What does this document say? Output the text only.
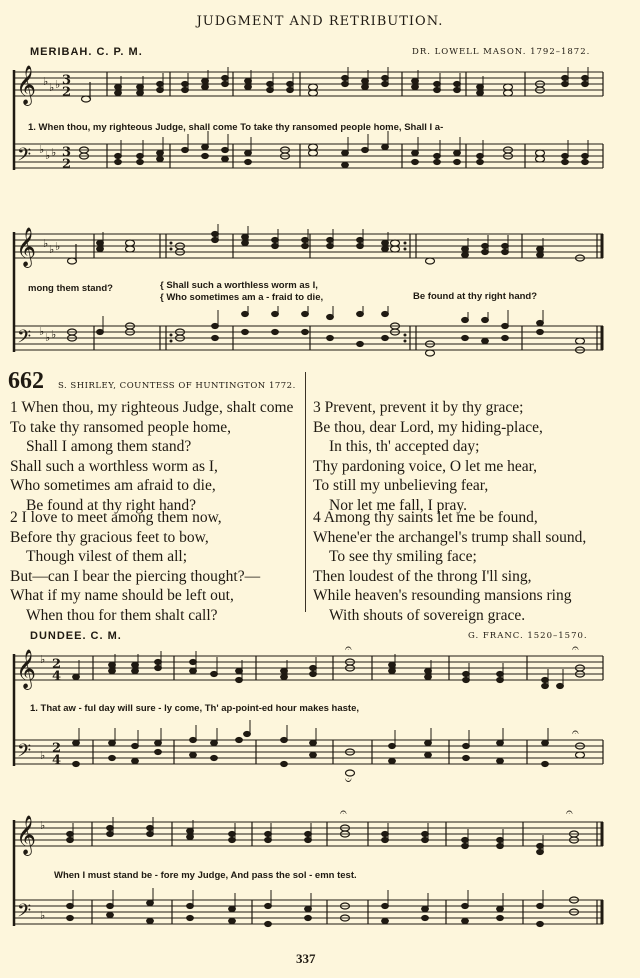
JUDGMENT AND RETRIBUTION.
MERIBAH. C. P. M.	DR. LOWELL MASON. 1792–1872.
𝄞
𝄢
♭ ♭ ♭
♭ ♭ ♭
3
2
3
2
1. When thou, my righteous Judge, shall come To take thy ransomed people home, Shall I a-
𝄞
𝄢
♭ ♭ ♭
♭ ♭ ♭
mong them stand?	{ Shall such a worthless worm as I,
{ Who sometimes am a - fraid to die,	Be found at thy right hand?
662 S. SHIRLEY, COUNTESS OF HUNTINGTON 1772.
1 When thou, my righteous Judge, shalt come
To take thy ransomed people home,
Shall I among them stand?
Shall such a worthless worm as I,
Who sometimes am afraid to die,
Be found at thy right hand?
2 I love to meet among them now,
Before thy gracious feet to bow,
Though vilest of them all;
But—can I bear the piercing thought?—
What if my name should be left out,
When thou for them shalt call?
3 Prevent, prevent it by thy grace;
Be thou, dear Lord, my hiding-place,
In this, th' accepted day;
Thy pardoning voice, O let me hear,
To still my unbelieving fear,
Nor let me fall, I pray.
4 Among thy saints let me be found,
Whene'er the archangel's trump shall sound,
To see thy smiling face;
Then loudest of the throng I'll sing,
While heaven's resounding mansions ring
With shouts of sovereign grace.
DUNDEE. C. M.	G. FRANC. 1520–1570.
𝄞
𝄢
♭
♭
2
4
2
4
𝄐	𝄐
𝄑
𝄐
1. That aw - ful day will sure - ly come, Th' ap-point-ed hour makes haste,
𝄞
𝄢
♭
♭
𝄐	𝄐
When I must stand be - fore my Judge, And pass the sol - emn test.
337
